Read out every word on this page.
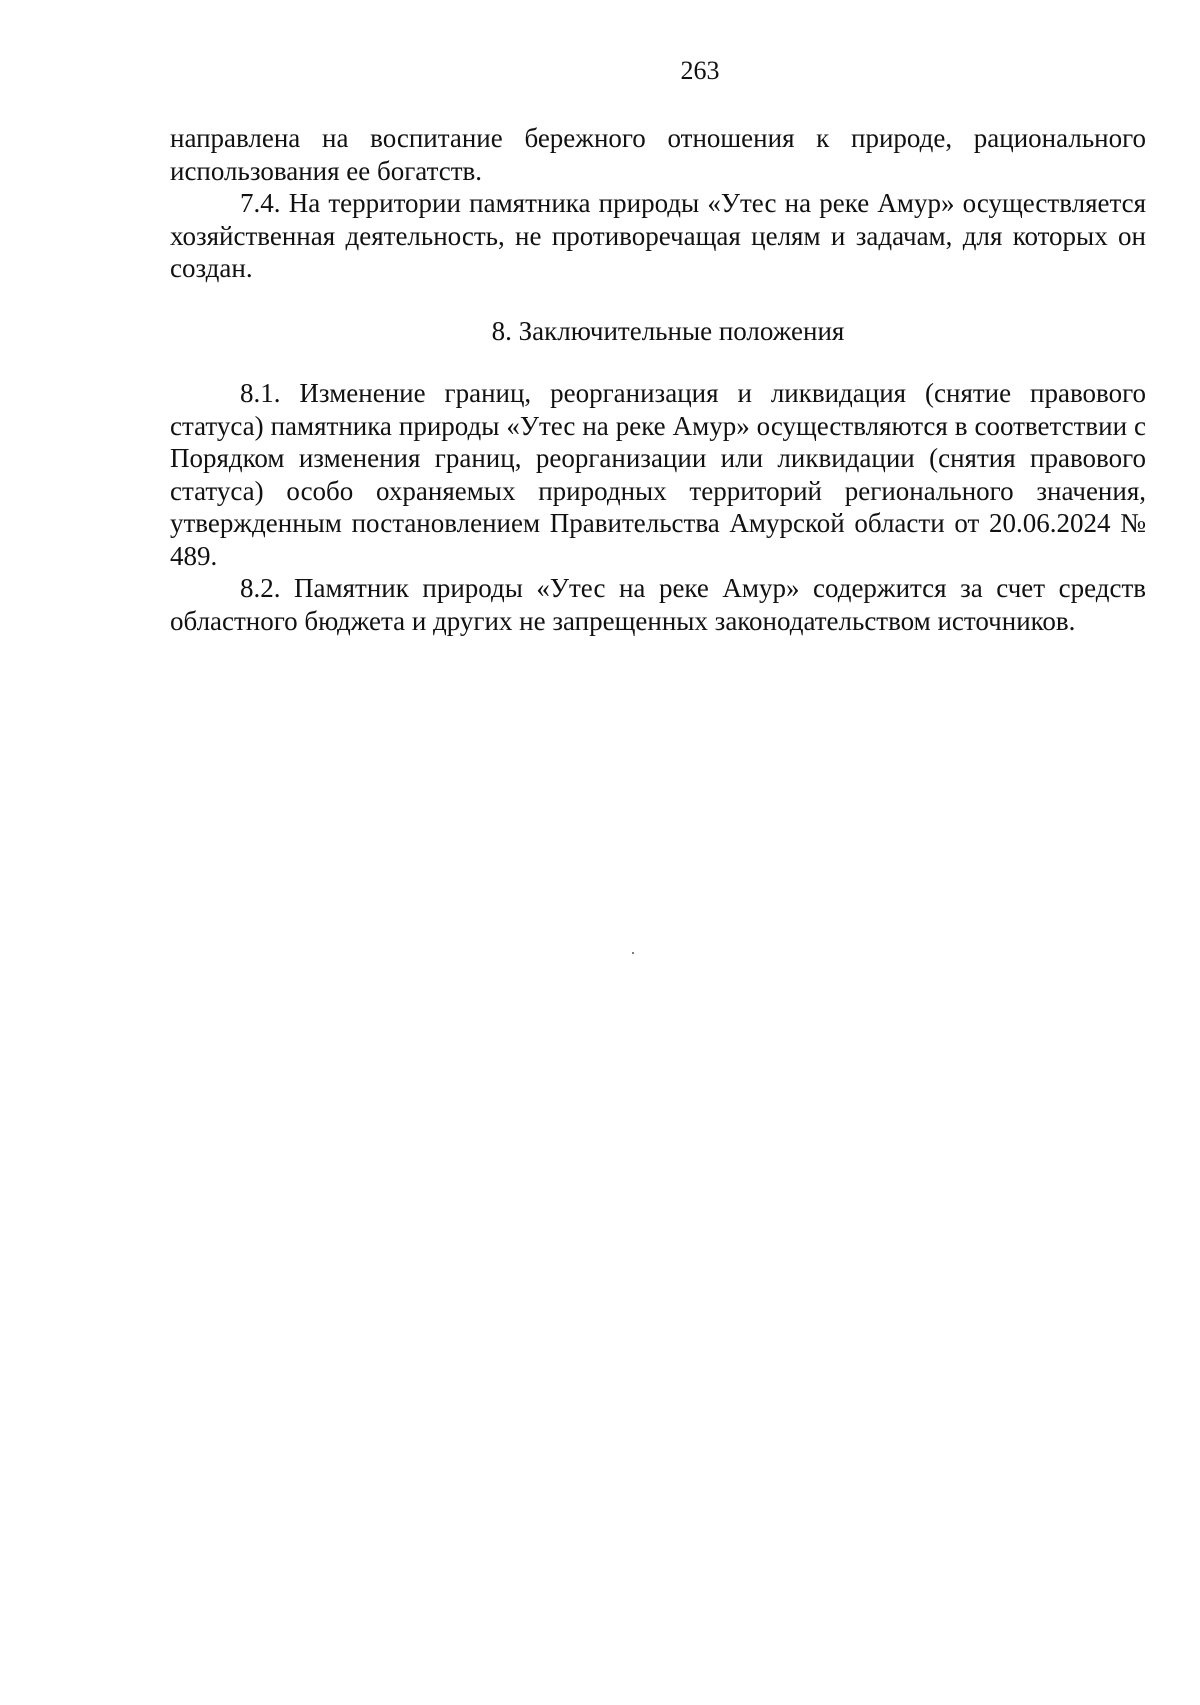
263

направлена на воспитание бережного отношения к природе, рационального использования ее богатств.

7.4. На территории памятника природы «Утес на реке Амур» осуществляется хозяйственная деятельность, не противоречащая целям и задачам, для которых он создан.

8. Заключительные положения

8.1. Изменение границ, реорганизация и ликвидация (снятие правового статуса) памятника природы «Утес на реке Амур» осуществляются в соответствии с Порядком изменения границ, реорганизации или ликвидации (снятия правового статуса) особо охраняемых природных территорий регионального значения, утвержденным постановлением Правительства Амурской области от 20.06.2024 № 489.

8.2. Памятник природы «Утес на реке Амур» содержится за счет средств областного бюджета и других не запрещенных законодательством источников.
